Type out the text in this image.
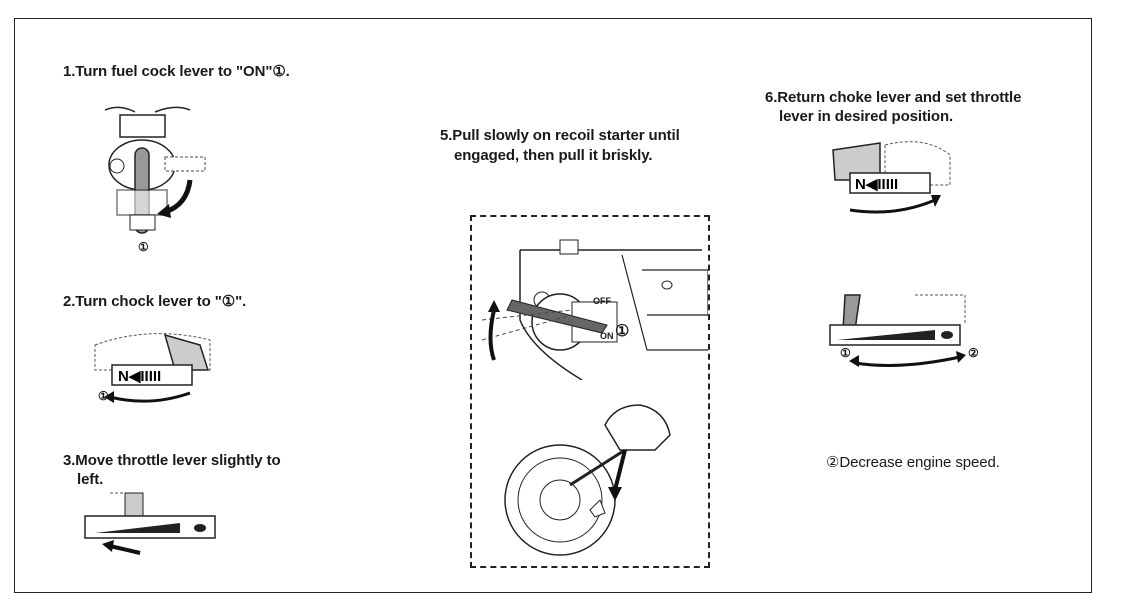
1.Turn fuel cock lever to "ON"①.
①
2.Turn chock lever to "①".
N◀IIIII
①
3.Move throttle lever slightly to
left.
5.Pull slowly on recoil starter until
engaged, then pull it briskly.
OFF
ON ①
6.Return choke lever and set throttle
lever in desired position.
N◀IIIII
①	②
②Decrease engine speed.
